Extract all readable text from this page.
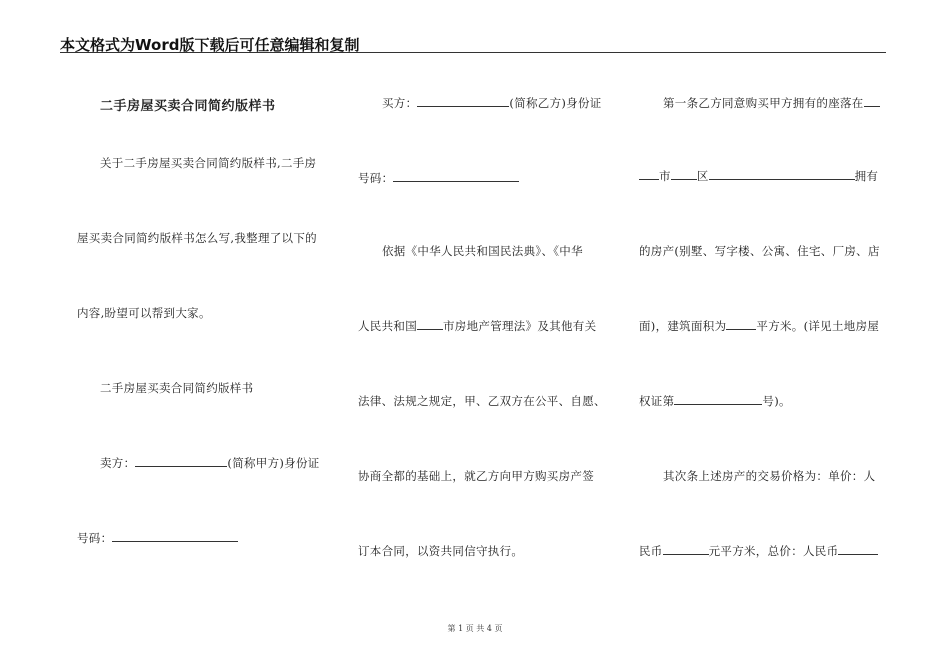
本文格式为Word版下载后可任意编辑和复制
二手房屋买卖合同简约版样书
关于二手房屋买卖合同简约版样书,二手房
屋买卖合同简约版样书怎么写,我整理了以下的
内容,盼望可以帮到大家。
二手房屋买卖合同简约版样书
卖方：	(简称甲方)身份证
号码：
买方：	(简称乙方)身份证
号码：
依据《中华人民共和国民法典》、《中华
人民共和国 市房地产管理法》及其他有关
法律、法规之规定，甲、乙双方在公平、自愿、
协商全都的基础上，就乙方向甲方购买房产签
订本合同，以资共同信守执行。
第一条乙方同意购买甲方拥有的座落在
市 区	拥有
的房产(别墅、写字楼、公寓、住宅、厂房、店
面)，建筑面积为	平方米。(详见土地房屋
权证第	号)。
其次条上述房产的交易价格为：单价：人
民币	元平方米，总价：人民币
第 1 页 共 4 页
